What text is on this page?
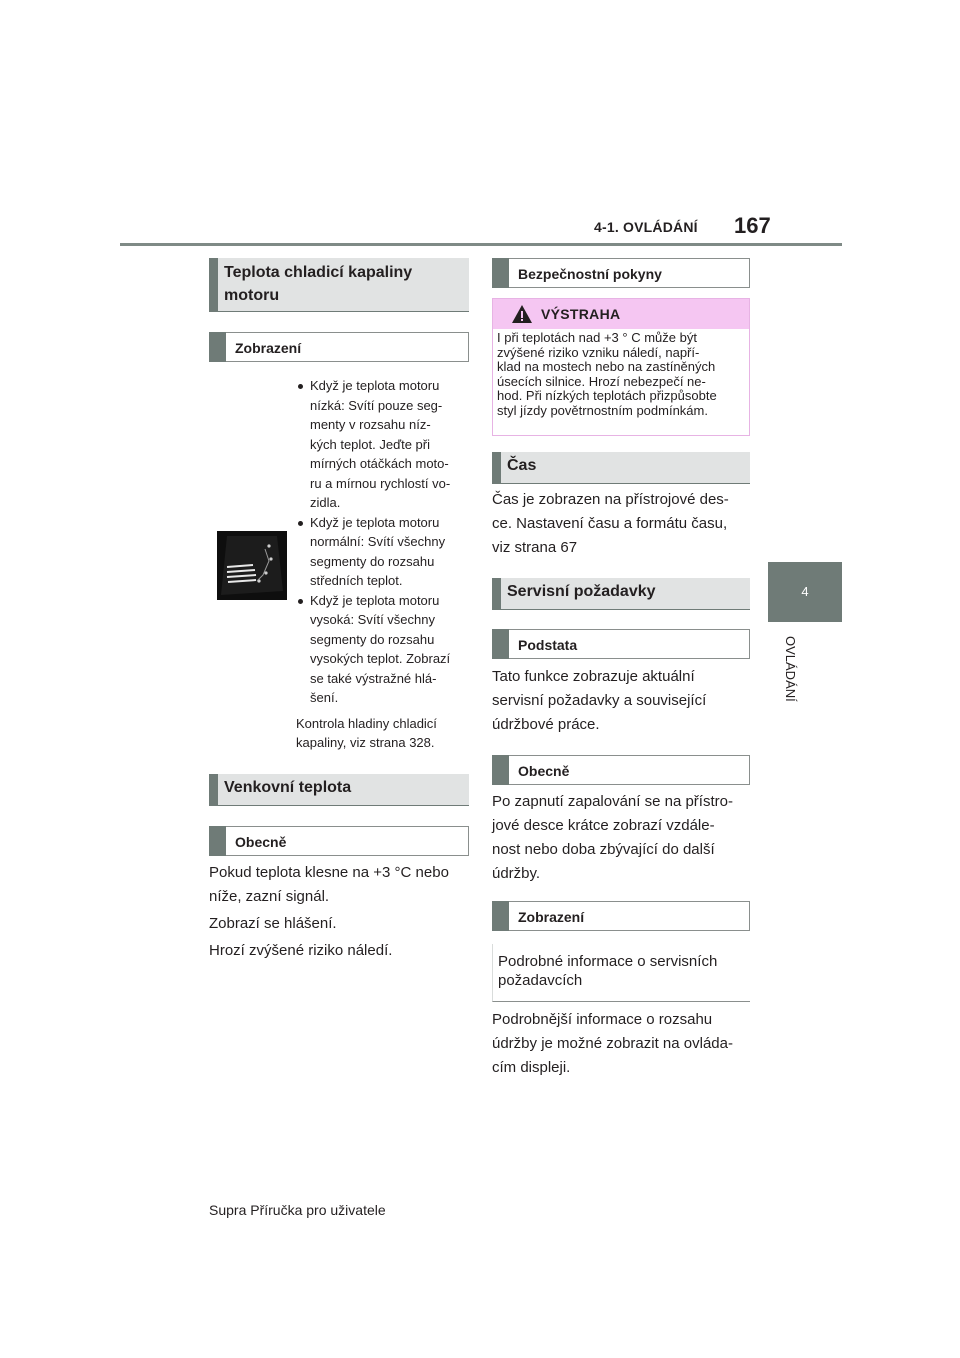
4-1. OVLÁDÁNÍ 167
4
OVLÁDÁNÍ
Teplota chladicí kapaliny
motoru
Zobrazení
Když je teplota motoru
nízká: Svítí pouze seg-
menty v rozsahu níz-
kých teplot. Jeďte při
mírných otáčkách moto-
ru a mírnou rychlostí vo-
zidla.
Když je teplota motoru
normální: Svítí všechny
segmenty do rozsahu
středních teplot.
Když je teplota motoru
vysoká: Svítí všechny
segmenty do rozsahu
vysokých teplot. Zobrazí
se také výstražné hlá-
šení.
Kontrola hladiny chladicí
kapaliny, viz strana 328.
Venkovní teplota
Obecně
Pokud teplota klesne na +3 °C nebo
níže, zazní signál.
Zobrazí se hlášení.
Hrozí zvýšené riziko náledí.
Bezpečnostní pokyny
VÝSTRAHA
I při teplotách nad +3 ° C může být
zvýšené riziko vzniku náledí, napří-
klad na mostech nebo na zastíněných
úsecích silnice. Hrozí nebezpečí ne-
hod. Při nízkých teplotách přizpůsobte
styl jízdy povětrnostním podmínkám.
Čas
Čas je zobrazen na přístrojové des-
ce. Nastavení času a formátu času,
viz strana 67
Servisní požadavky
Podstata
Tato funkce zobrazuje aktuální
servisní požadavky a související
údržbové práce.
Obecně
Po zapnutí zapalování se na přístro-
jové desce krátce zobrazí vzdále-
nost nebo doba zbývající do další
údržby.
Zobrazení
Podrobné informace o servisních
požadavcích
Podrobnější informace o rozsahu
údržby je možné zobrazit na ovláda-
cím displeji.
Supra Příručka pro uživatele
